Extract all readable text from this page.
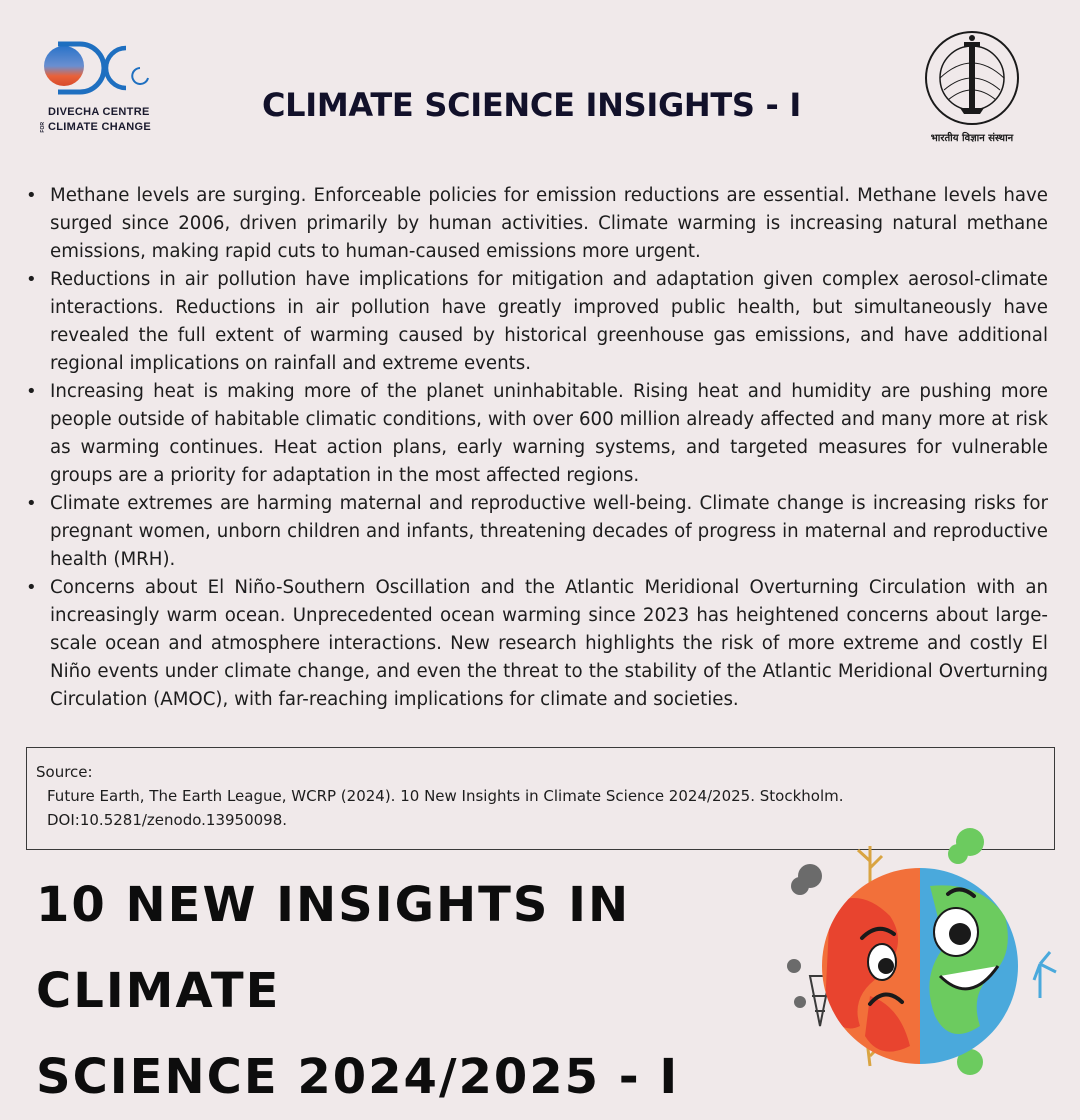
FOR
DIVECHA CENTRE
CLIMATE CHANGE
CLIMATE SCIENCE INSIGHTS - I
भारतीय विज्ञान संस्थान
• Methane levels are surging. Enforceable policies for emission reductions are essential. Methane levels have surged since 2006, driven primarily by human activities. Climate warming is increasing natural methane emissions, making rapid cuts to human-caused emissions more urgent.
• Reductions in air pollution have implications for mitigation and adaptation given complex aerosol-climate interactions. Reductions in air pollution have greatly improved public health, but simultaneously have revealed the full extent of warming caused by historical greenhouse gas emissions, and have additional regional implications on rainfall and extreme events.
• Increasing heat is making more of the planet uninhabitable. Rising heat and humidity are pushing more people outside of habitable climatic conditions, with over 600 million already affected and many more at risk as warming continues. Heat action plans, early warning systems, and targeted measures for vulnerable groups are a priority for adaptation in the most affected regions.
• Climate extremes are harming maternal and reproductive well-being. Climate change is increasing risks for pregnant women, unborn children and infants, threatening decades of progress in maternal and reproductive health (MRH).
• Concerns about El Niño-Southern Oscillation and the Atlantic Meridional Overturning Circulation with an increasingly warm ocean. Unprecedented ocean warming since 2023 has heightened concerns about large-scale ocean and atmosphere interactions. New research highlights the risk of more extreme and costly El Niño events under climate change, and even the threat to the stability of the Atlantic Meridional Overturning Circulation (AMOC), with far-reaching implications for climate and societies.
Source:
Future Earth, The Earth League, WCRP (2024). 10 New Insights in Climate Science 2024/2025. Stockholm. DOI:10.5281/zenodo.13950098.
10 NEW INSIGHTS IN CLIMATE
SCIENCE 2024/2025 - I
